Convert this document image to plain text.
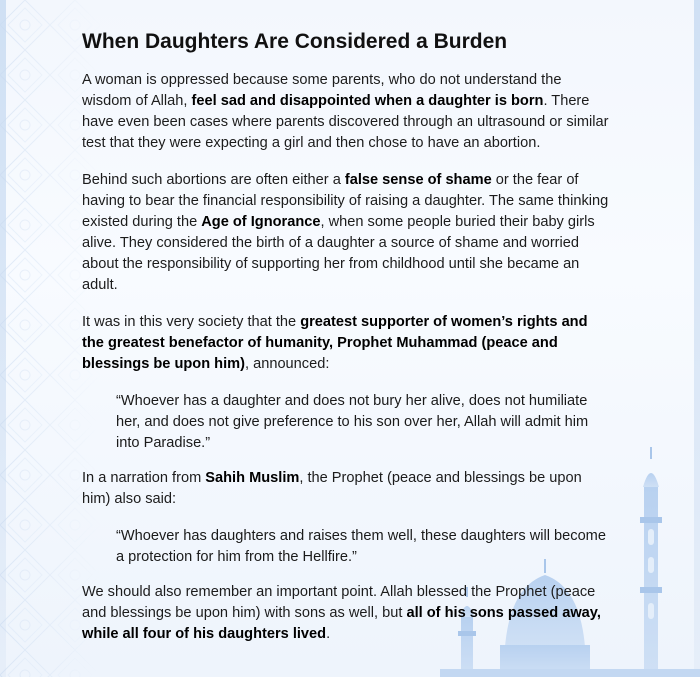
When Daughters Are Considered a Burden

A woman is oppressed because some parents, who do not understand the wisdom of Allah, feel sad and disappointed when a daughter is born. There have even been cases where parents discovered through an ultrasound or similar test that they were expecting a girl and then chose to have an abortion.

Behind such abortions are often either a false sense of shame or the fear of having to bear the financial responsibility of raising a daughter. The same thinking existed during the Age of Ignorance, when some people buried their baby girls alive. They considered the birth of a daughter a source of shame and worried about the responsibility of supporting her from childhood until she became an adult.

It was in this very society that the greatest supporter of women’s rights and the greatest benefactor of humanity, Prophet Muhammad (peace and blessings be upon him), announced:

“Whoever has a daughter and does not bury her alive, does not humiliate her, and does not give preference to his son over her, Allah will admit him into Paradise.”

In a narration from Sahih Muslim, the Prophet (peace and blessings be upon him) also said:

“Whoever has daughters and raises them well, these daughters will become a protection for him from the Hellfire.”

We should also remember an important point. Allah blessed the Prophet (peace and blessings be upon him) with sons as well, but all of his sons passed away, while all four of his daughters lived.
